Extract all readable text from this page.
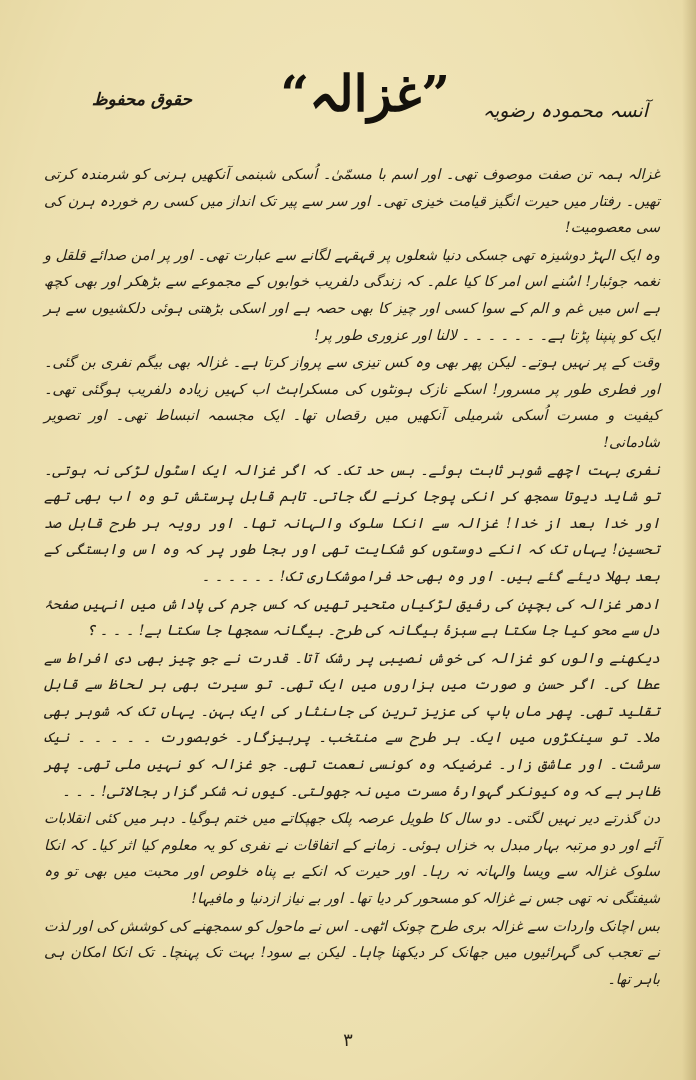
آنسہ محمودہ رضویہ
”غزالہ“
حقوق محفوظ

غزالہ ہمہ تن صفت موصوف تھی۔ اور اسم با مسمّیٰ۔ اُسکی شبنمی آنکھیں ہرنی کو شرمندہ کرتی تھیں۔ رفتار میں حیرت انگیز قیامت خیزی تھی۔ اور سر سے پیر تک انداز میں کسی رم خوردہ ہرن کی سی معصومیت!

وہ ایک الہڑ دوشیزہ تھی جسکی دنیا شعلوں پر قہقہے لگانے سے عبارت تھی۔ اور پر امن صدائے قلقل و نغمہ جوئبار! اسُنے اس امر کا کیا علم۔ کہ زندگی دلفریب خوابوں کے مجموعے سے بڑھکر اور بھی کچھ ہے اس میں غم و الم کے سوا کسی اور چیز کا بھی حصہ ہے اور اسکی بڑھتی ہوئی دلکشیوں سے ہر ایک کو پنپنا پڑتا ہے۔ ۔ ۔ ۔ ۔ ۔ ۔ لالنا اور عزوری طور پر!

وقت کے پر نہیں ہوتے۔ لیکن پھر بھی وہ کس تیزی سے پرواز کرتا ہے۔ غزالہ بھی بیگم نفری بن گئی۔ اور فطری طور پر مسرور! اسکے نازک ہونٹوں کی مسکراہٹ اب کہیں زیادہ دلفریب ہوگئی تھی۔ کیفیت و مسرت اُسکی شرمیلی آنکھیں میں رقصاں تھا۔ ایک مجسمہ انبساط تھی۔ اور تصویر شادمانی!

نفری بہت اچھے شوہر ثابت ہوئے۔ بس حد تک۔ کہ اگر غزالہ ایک اسٹول لڑکی نہ ہوتی۔ تو شاید دیوتا سمجھ کر انکی پوجا کرنے لگ جاتی۔ تاہم قابل پرستش تو وہ اب بھی تھے اور خدا بعد از خدا! غزالہ سے انکا سلوک والہانہ تھا۔ اور رویہ ہر طرح قابل صد تحسین! یہاں تک کہ انکے دوستوں کو شکایت تھی اور بجا طور پر کہ وہ اس وابستگی کے بعد بھلا دیئے گئے ہیں۔ اور وہ بھی حد فراموشکاری تک! ۔ ۔ ۔ ۔ ۔ ۔

ادھر غزالہ کی بچپن کی رفیق لڑکیاں متحیر تھیں کہ کس جرم کی پاداش میں انہیں صفحۂ دل سے محو کیا جا سکتا ہے سبزۂ بیگانہ کی طرح۔ بیگانہ سمجھا جا سکتا ہے! ۔ ۔ ۔ ؟

دیکھنے والوں کو غزالہ کی خوش نصیبی پر رشک آتا۔ قدرت نے جو چیز بھی دی افراط سے عطا کی۔ اگر حسن و صورت میں ہزاروں میں ایک تھی۔ تو سیرت بھی ہر لحاظ سے قابل تقلید تھی۔ پھر ماں باپ کی عزیز ترین کی جاںنثار کی ایک بہن۔ یہاں تک کہ شوہر بھی ملا۔ تو سینکڑوں میں ایک۔ ہر طرح سے منتخب۔ پرہیزگار۔ خوبصورت ۔ ۔ ۔ ۔ ۔ نیک سرشت۔ اور عاشق زار۔ غرضیکہ وہ کونسی نعمت تھی۔ جو غزالہ کو نہیں ملی تھی۔ پھر ظاہر ہے کہ وہ کیونکر گہوارۂ مسرت میں نہ جھولتی۔ کیوں نہ شکر گزار بجالاتی! ۔ ۔ ۔

دن گذرتے دیر نہیں لگتی۔ دو سال کا طویل عرصہ پلک جھپکاتے میں ختم ہوگیا۔ دہر میں کئی انقلابات آئے اور دو مرتبہ بہار مبدل بہ خزاں ہوئی۔ زمانے کے اتفاقات نے نفری کو یہ معلوم کیا اثر کیا۔ کہ انکا سلوک غزالہ سے ویسا والہانہ نہ رہا۔ اور حیرت کہ انکے بے پناہ خلوص اور محبت میں بھی تو وہ شیفتگی نہ تھی جس نے غزالہ کو مسحور کر دیا تھا۔ اور بے نیاز ازدنیا و مافیہا!

بس اچانک واردات سے غزالہ بری طرح چونک اٹھی۔ اس نے ماحول کو سمجھنے کی کوشش کی اور لذت نے تعجب کی گہرائیوں میں جھانک کر دیکھنا چاہا۔ لیکن بے سود! بہت تک پہنچا۔ تک انکا امکان ہی باہر تھا۔

۳
